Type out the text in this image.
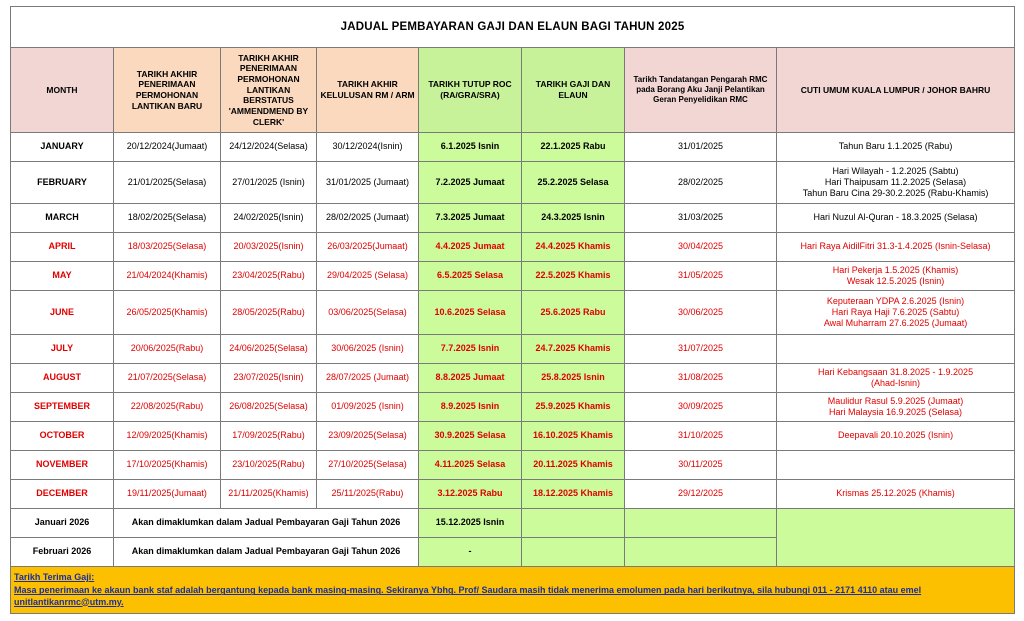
JADUAL PEMBAYARAN GAJI DAN ELAUN BAGI TAHUN 2025							
MONTH	TARIKH AKHIR PENERIMAAN PERMOHONAN LANTIKAN BARU	TARIKH AKHIR PENERIMAAN PERMOHONAN LANTIKAN BERSTATUS 'AMMENDMEND BY CLERK'	TARIKH AKHIR KELULUSAN RM / ARM	TARIKH TUTUP ROC (RA/GRA/SRA)	TARIKH GAJI DAN ELAUN	Tarikh Tandatangan Pengarah RMC pada Borang Aku Janji Pelantikan Geran Penyelidikan RMC	CUTI UMUM KUALA LUMPUR / JOHOR BAHRU
JANUARY	20/12/2024(Jumaat)	24/12/2024(Selasa)	30/12/2024(Isnin)	6.1.2025 Isnin	22.1.2025 Rabu	31/01/2025	Tahun Baru 1.1.2025 (Rabu)

FEBRUARY	21/01/2025(Selasa)	27/01/2025 (Isnin)	31/01/2025 (Jumaat)	7.2.2025 Jumaat	25.2.2025 Selasa	28/02/2025	Hari Wilayah - 1.2.2025 (Sabtu)
Hari Thaipusam 11.2.2025 (Selasa)
Tahun Baru Cina 29-30.2.2025 (Rabu-Khamis)

MARCH	18/02/2025(Selasa)	24/02/2025(Isnin)	28/02/2025 (Jumaat)	7.3.2025 Jumaat	24.3.2025 Isnin	31/03/2025	Hari Nuzul Al-Quran - 18.3.2025 (Selasa)

APRIL	18/03/2025(Selasa)	20/03/2025(Isnin)	26/03/2025(Jumaat)	4.4.2025 Jumaat	24.4.2025 Khamis	30/04/2025	Hari Raya AidilFitri 31.3-1.4.2025 (Isnin-Selasa)

MAY	21/04/2024(Khamis)	23/04/2025(Rabu)	29/04/2025 (Selasa)	6.5.2025 Selasa	22.5.2025 Khamis	31/05/2025	Hari Pekerja 1.5.2025 (Khamis)
Wesak 12.5.2025 (Isnin)

JUNE	26/05/2025(Khamis)	28/05/2025(Rabu)	03/06/2025(Selasa)	10.6.2025 Selasa	25.6.2025 Rabu	30/06/2025	Keputeraan YDPA 2.6.2025 (Isnin)
Hari Raya Haji 7.6.2025 (Sabtu)
Awal Muharram 27.6.2025 (Jumaat)

JULY	20/06/2025(Rabu)	24/06/2025(Selasa)	30/06/2025 (Isnin)	7.7.2025 Isnin	24.7.2025 Khamis	31/07/2025	
AUGUST	21/07/2025(Selasa)	23/07/2025(Isnin)	28/07/2025 (Jumaat)	8.8.2025 Jumaat	25.8.2025 Isnin	31/08/2025	Hari Kebangsaan 31.8.2025 - 1.9.2025
(Ahad-Isnin)

SEPTEMBER	22/08/2025(Rabu)	26/08/2025(Selasa)	01/09/2025 (Isnin)	8.9.2025 Isnin	25.9.2025 Khamis	30/09/2025	Maulidur Rasul 5.9.2025 (Jumaat)
Hari Malaysia 16.9.2025 (Selasa)

OCTOBER	12/09/2025(Khamis)	17/09/2025(Rabu)	23/09/2025(Selasa)	30.9.2025 Selasa	16.10.2025 Khamis	31/10/2025	Deepavali 20.10.2025 (Isnin)

NOVEMBER	17/10/2025(Khamis)	23/10/2025(Rabu)	27/10/2025(Selasa)	4.11.2025 Selasa	20.11.2025 Khamis	30/11/2025	
DECEMBER	19/11/2025(Jumaat)	21/11/2025(Khamis)	25/11/2025(Rabu)	3.12.2025 Rabu	18.12.2025 Khamis	29/12/2025	Krismas 25.12.2025 (Khamis)

Januari 2026	Akan dimaklumkan dalam Jadual Pembayaran Gaji Tahun 2026			15.12.2025 Isnin			
Februari 2026	Akan dimaklumkan dalam Jadual Pembayaran Gaji Tahun 2026			-			
Tarikh Terima Gaji:
Masa penerimaan ke akaun bank staf adalah bergantung kepada bank masing-masing. Sekiranya Ybhg. Prof/ Saudara masih tidak menerima emolumen pada hari berikutnya, sila hubungi 011 - 2171 4110 atau emel unitlantikanrmc@utm.my.							
